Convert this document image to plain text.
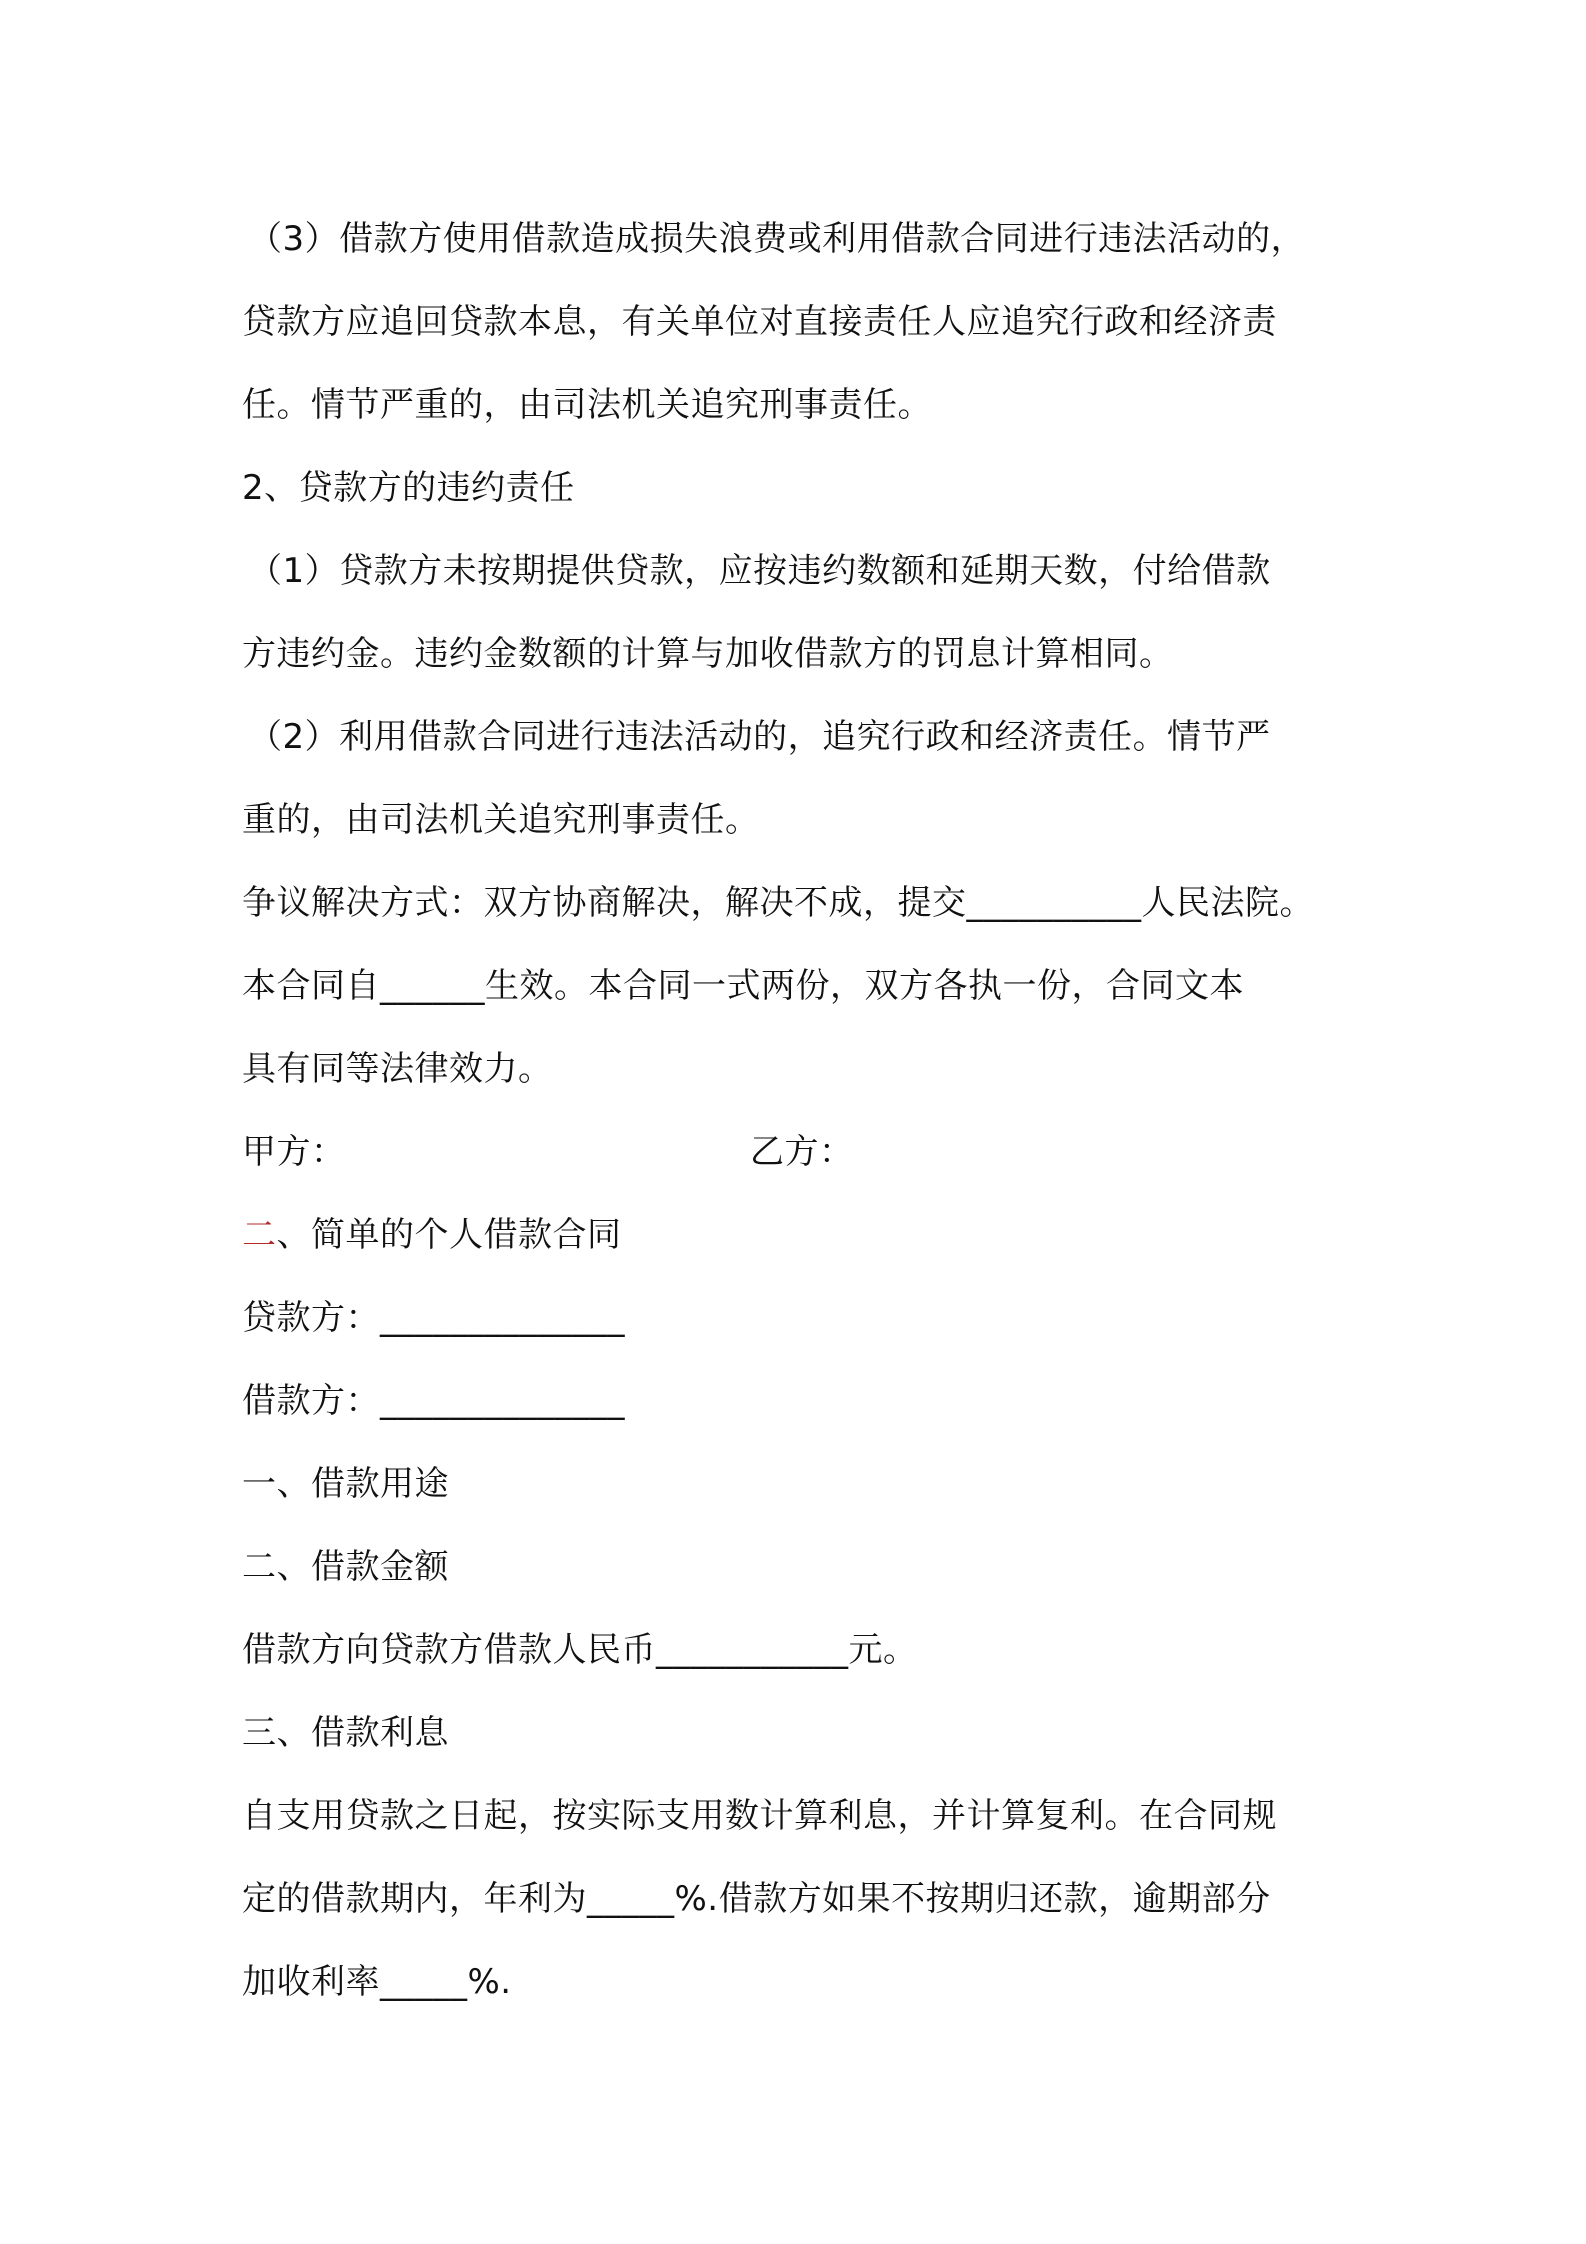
（3）借款方使用借款造成损失浪费或利用借款合同进行违法活动的，
贷款方应追回贷款本息，有关单位对直接责任人应追究行政和经济责
任。情节严重的，由司法机关追究刑事责任。
2、贷款方的违约责任
（1）贷款方未按期提供贷款，应按违约数额和延期天数，付给借款
方违约金。违约金数额的计算与加收借款方的罚息计算相同。
（2）利用借款合同进行违法活动的，追究行政和经济责任。情节严
重的，由司法机关追究刑事责任。
争议解决方式：双方协商解决，解决不成，提交__________人民法院。
本合同自______生效。本合同一式两份，双方各执一份，合同文本
具有同等法律效力。
甲方：	乙方：
二、简单的个人借款合同
贷款方：______________
借款方：______________
一、借款用途
二、借款金额
借款方向贷款方借款人民币___________元。
三、借款利息
自支用贷款之日起，按实际支用数计算利息，并计算复利。在合同规
定的借款期内，年利为_____%.借款方如果不按期归还款，逾期部分
加收利率_____%.
